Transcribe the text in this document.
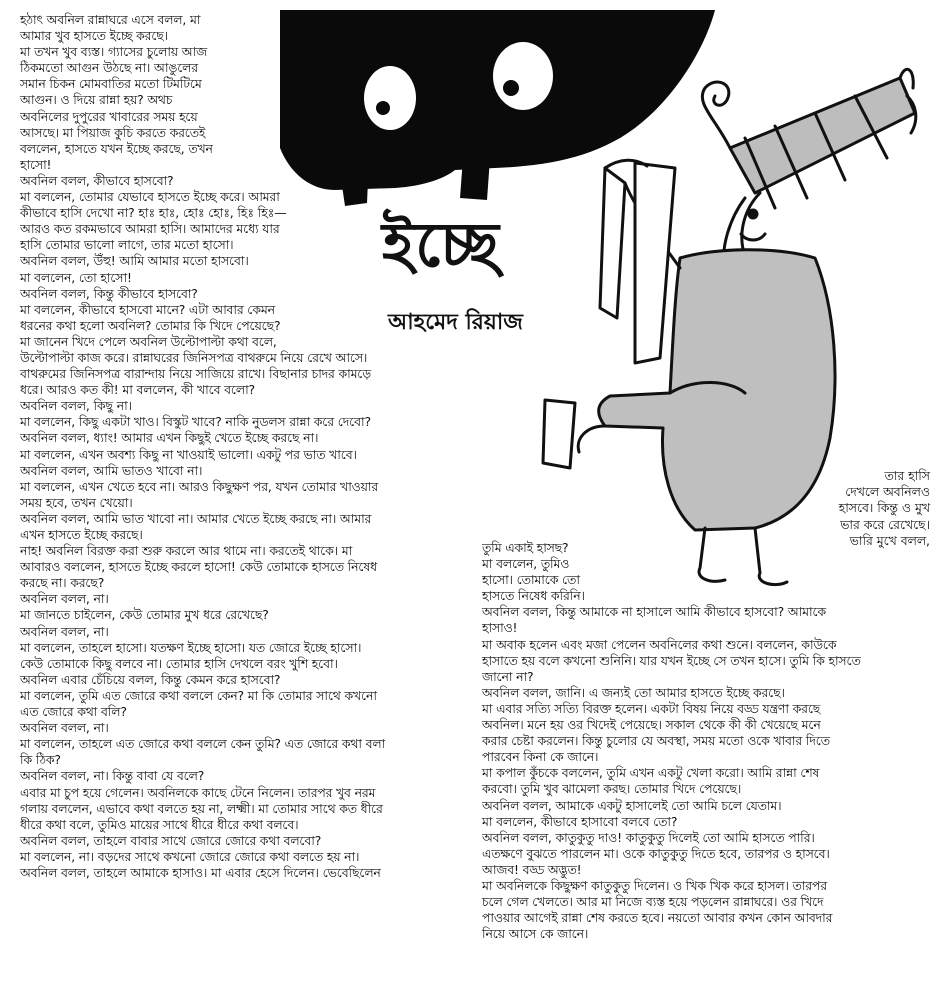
ইচ্ছে
আহমেদ রিয়াজ

তার হাসি

দেখলে অবনিলও

হাসবে। কিন্তু ও মুখ

ভার করে রেখেছে।

ভারি মুখে বলল,

হঠাৎ অবনিল রান্নাঘরে এসে বলল, মা

আমার খুব হাসতে ইচ্ছে করছে।

মা তখন খুব ব্যস্ত। গ্যাসের চুলোয় আজ

ঠিকমতো আগুন উঠছে না। আঙুলের

সমান চিকন মোমবাতির মতো টিমটিমে

আগুন। ও দিয়ে রান্না হয়? অথচ

অবনিলের দুপুরের খাবারের সময় হয়ে

আসছে। মা পিয়াজ কুচি করতে করতেই

বললেন, হাসতে যখন ইচ্ছে করছে, তখন

হাসো!

অবনিল বলল, কীভাবে হাসবো?

মা বললেন, তোমার যেভাবে হাসতে ইচ্ছে করে। আমরা

কীভাবে হাসি দেখো না? হাঃ হাঃ, হোঃ হোঃ, হিঃ হিঃ—

আরও কত রকমভাবে আমরা হাসি। আমাদের মধ্যে যার

হাসি তোমার ভালো লাগে, তার মতো হাসো।

অবনিল বলল, উঁহু! আমি আমার মতো হাসবো।

মা বললেন, তো হাসো!

অবনিল বলল, কিন্তু কীভাবে হাসবো?

মা বললেন, কীভাবে হাসবো মানে? এটা আবার কেমন

ধরনের কথা হলো অবনিল? তোমার কি খিদে পেয়েছে?

মা জানেন খিদে পেলে অবনিল উল্টোপাল্টা কথা বলে,

উল্টোপাল্টা কাজ করে। রান্নাঘরের জিনিসপত্র বাথরুমে নিয়ে রেখে আসে।

বাথরুমের জিনিসপত্র বারান্দায় নিয়ে সাজিয়ে রাখে। বিছানার চাদর কামড়ে

ধরে। আরও কত কী! মা বললেন, কী খাবে বলো?

অবনিল বলল, কিছু না।

মা বললেন, কিছু একটা খাও। বিস্কুট খাবে? নাকি নুডলস রান্না করে দেবো?

অবনিল বলল, ধ্যাং! আমার এখন কিছুই খেতে ইচ্ছে করছে না।

মা বললেন, এখন অবশ্য কিছু না খাওয়াই ভালো। একটু পর ভাত খাবে।

অবনিল বলল, আমি ভাতও খাবো না।

মা বললেন, এখন খেতে হবে না। আরও কিছুক্ষণ পর, যখন তোমার খাওয়ার

সময় হবে, তখন খেয়ো।

অবনিল বলল, আমি ভাত খাবো না। আমার খেতে ইচ্ছে করছে না। আমার

এখন হাসতে ইচ্ছে করছে।

নাহ! অবনিল বিরক্ত করা শুরু করলে আর থামে না। করতেই থাকে। মা

আবারও বললেন, হাসতে ইচ্ছে করলে হাসো! কেউ তোমাকে হাসতে নিষেধ

করছে না। করছে?

অবনিল বলল, না।

মা জানতে চাইলেন, কেউ তোমার মুখ ধরে রেখেছে?

অবনিল বলল, না।

মা বললেন, তাহলে হাসো। যতক্ষণ ইচ্ছে হাসো। যত জোরে ইচ্ছে হাসো।

কেউ তোমাকে কিছু বলবে না। তোমার হাসি দেখলে বরং খুশি হবো।

অবনিল এবার চেঁচিয়ে বলল, কিন্তু কেমন করে হাসবো?

মা বললেন, তুমি এত জোরে কথা বললে কেন? মা কি তোমার সাথে কখনো

এত জোরে কথা বলি?

অবনিল বলল, না।

মা বললেন, তাহলে এত জোরে কথা বললে কেন তুমি? এত জোরে কথা বলা

কি ঠিক?

অবনিল বলল, না। কিন্তু বাবা যে বলে?

এবার মা চুপ হয়ে গেলেন। অবনিলকে কাছে টেনে নিলেন। তারপর খুব নরম

গলায় বললেন, এভাবে কথা বলতে হয় না, লক্ষ্মী। মা তোমার সাথে কত ধীরে

ধীরে কথা বলে, তুমিও মায়ের সাথে ধীরে ধীরে কথা বলবে।

অবনিল বলল, তাহলে বাবার সাথে জোরে জোরে কথা বলবো?

মা বললেন, না। বড়দের সাথে কখনো জোরে জোরে কথা বলতে হয় না।

অবনিল বলল, তাহলে আমাকে হাসাও। মা এবার হেসে দিলেন। ভেবেছিলেন

তুমি একাই হাসছ?

মা বললেন, তুমিও

হাসো। তোমাকে তো

হাসতে নিষেধ করিনি।

অবনিল বলল, কিন্তু আমাকে না হাসালে আমি কীভাবে হাসবো? আমাকে

হাসাও!

মা অবাক হলেন এবং মজা পেলেন অবনিলের কথা শুনে। বললেন, কাউকে

হাসাতে হয় বলে কখনো শুনিনি। যার যখন ইচ্ছে সে তখন হাসে। তুমি কি হাসতে

জানো না?

অবনিল বলল, জানি। এ জন্যই তো আমার হাসতে ইচ্ছে করছে।

মা এবার সত্যি সত্যি বিরক্ত হলেন। একটা বিষয় নিয়ে বড্ড যন্ত্রণা করছে

অবনিল। মনে হয় ওর খিদেই পেয়েছে। সকাল থেকে কী কী খেয়েছে মনে

করার চেষ্টা করলেন। কিন্তু চুলোর যে অবস্থা, সময় মতো ওকে খাবার দিতে

পারবেন কিনা কে জানে।

মা কপাল কুঁচকে বললেন, তুমি এখন একটু খেলা করো। আমি রান্না শেষ

করবো। তুমি খুব ঝামেলা করছ। তোমার খিদে পেয়েছে।

অবনিল বলল, আমাকে একটু হাসালেই তো আমি চলে যেতাম।

মা বললেন, কীভাবে হাসাবো বলবে তো?

অবনিল বলল, কাতুকুতু দাও! কাতুকুতু দিলেই তো আমি হাসতে পারি।

এতক্ষণে বুঝতে পারলেন মা। ওকে কাতুকুতু দিতে হবে, তারপর ও হাসবে।

আজব! বড্ড অদ্ভুত!

মা অবনিলকে কিছুক্ষণ কাতুকুতু দিলেন। ও খিক খিক করে হাসল। তারপর

চলে গেল খেলতে। আর মা নিজে ব্যস্ত হয়ে পড়লেন রান্নাঘরে। ওর খিদে

পাওয়ার আগেই রান্না শেষ করতে হবে। নয়তো আবার কখন কোন আবদার

নিয়ে আসে কে জানে।
